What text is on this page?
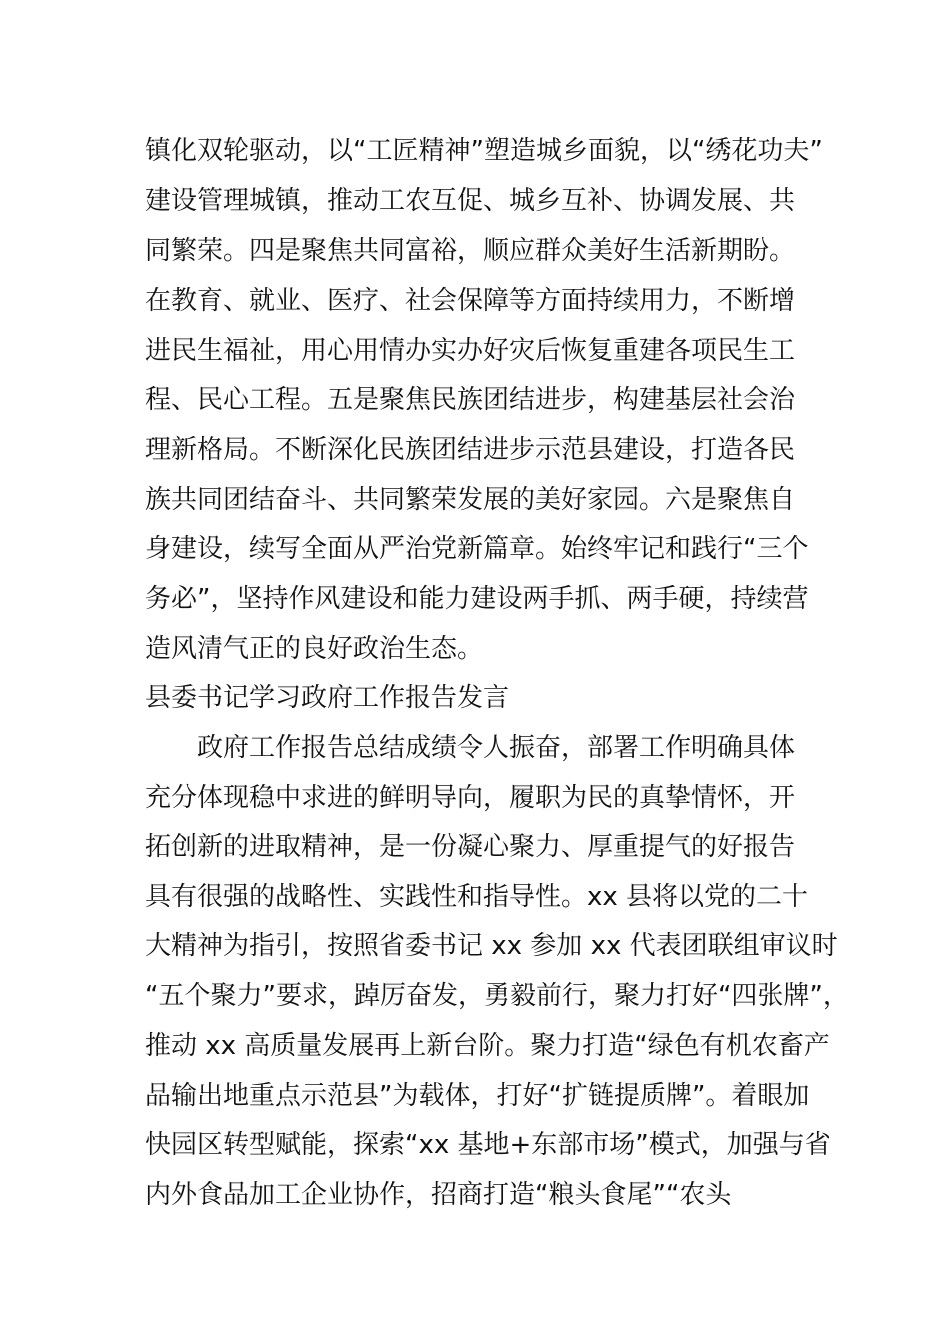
镇化双轮驱动，以“工匠精神”塑造城乡面貌，以“绣花功夫”
建设管理城镇，推动工农互促、城乡互补、协调发展、共
同繁荣。四是聚焦共同富裕，顺应群众美好生活新期盼。
在教育、就业、医疗、社会保障等方面持续用力，不断增
进民生福祉，用心用情办实办好灾后恢复重建各项民生工
程、民心工程。五是聚焦民族团结进步，构建基层社会治
理新格局。不断深化民族团结进步示范县建设，打造各民
族共同团结奋斗、共同繁荣发展的美好家园。六是聚焦自
身建设，续写全面从严治党新篇章。始终牢记和践行“三个
务必”，坚持作风建设和能力建设两手抓、两手硬，持续营
造风清气正的良好政治生态。
县委书记学习政府工作报告发言
政府工作报告总结成绩令人振奋，部署工作明确具体
充分体现稳中求进的鲜明导向，履职为民的真挚情怀，开
拓创新的进取精神，是一份凝心聚力、厚重提气的好报告
具有很强的战略性、实践性和指导性。xx 县将以党的二十
大精神为指引，按照省委书记 xx 参加 xx 代表团联组审议时
“五个聚力”要求，踔厉奋发，勇毅前行，聚力打好“四张牌”，
推动 xx 高质量发展再上新台阶。聚力打造“绿色有机农畜产
品输出地重点示范县”为载体，打好“扩链提质牌”。着眼加
快园区转型赋能，探索“xx 基地+东部市场”模式，加强与省
内外食品加工企业协作，招商打造“粮头食尾”“农头
